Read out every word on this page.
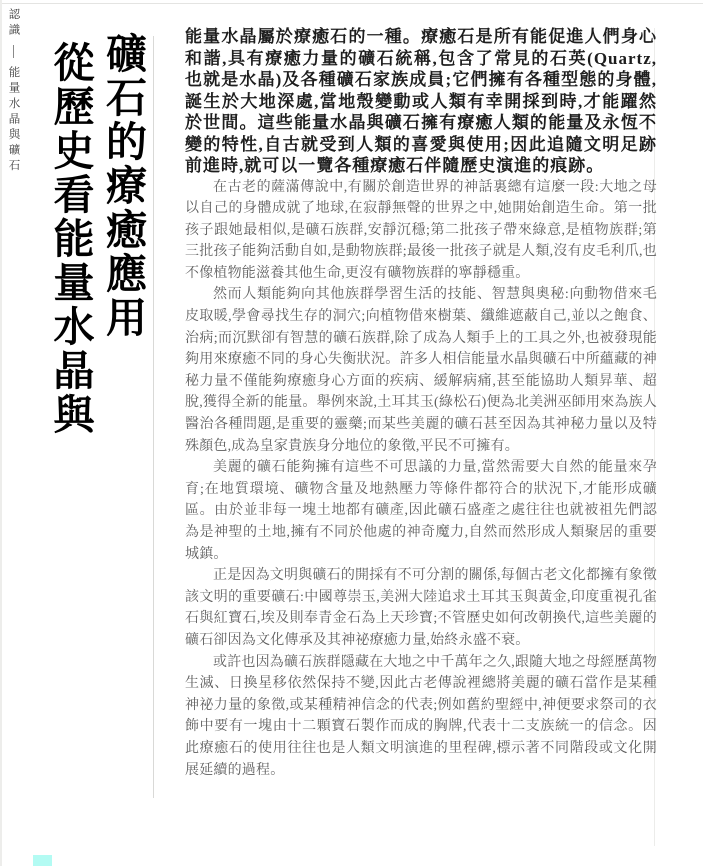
認識能量水晶與礦石 礦石的療癒應用
從歷史看能量水晶與

能量水晶屬於療癒石的一種。療癒石是所有能促進人們身心和諧,具有療癒力量的礦石統稱,包含了常見的石英(Quartz,也就是水晶)及各種礦石家族成員;它們擁有各種型態的身體,誕生於大地深處,當地殼變動或人類有幸開採到時,才能躍然於世間。這些能量水晶與礦石擁有療癒人類的能量及永恆不變的特性,自古就受到人類的喜愛與使用;因此追隨文明足跡前進時,就可以一覽各種療癒石伴隨歷史演進的痕跡。

在古老的薩滿傳說中,有關於創造世界的神話裏總有這麼一段:大地之母以自己的身體成就了地球,在寂靜無聲的世界之中,她開始創造生命。第一批孩子跟她最相似,是礦石族群,安靜沉穩;第二批孩子帶來綠意,是植物族群;第三批孩子能夠活動自如,是動物族群;最後一批孩子就是人類,沒有皮毛利爪,也不像植物能滋養其他生命,更沒有礦物族群的寧靜穩重。

然而人類能夠向其他族群學習生活的技能、智慧與奧秘:向動物借來毛皮取暖,學會尋找生存的洞穴;向植物借來樹葉、纖維遮蔽自己,並以之飽食、治病;而沉默卻有智慧的礦石族群,除了成為人類手上的工具之外,也被發現能夠用來療癒不同的身心失衡狀況。許多人相信能量水晶與礦石中所蘊藏的神秘力量不僅能夠療癒身心方面的疾病、緩解病痛,甚至能協助人類昇華、超脫,獲得全新的能量。舉例來說,土耳其玉(綠松石)便為北美洲巫師用來為族人醫治各種問題,是重要的靈藥;而某些美麗的礦石甚至因為其神秘力量以及特殊顏色,成為皇家貴族身分地位的象徵,平民不可擁有。

美麗的礦石能夠擁有這些不可思議的力量,當然需要大自然的能量來孕育;在地質環境、礦物含量及地熱壓力等條件都符合的狀況下,才能形成礦區。由於並非每一塊土地都有礦產,因此礦石盛產之處往往也就被祖先們認為是神聖的土地,擁有不同於他處的神奇魔力,自然而然形成人類聚居的重要城鎮。

正是因為文明與礦石的開採有不可分割的關係,每個古老文化都擁有象徵該文明的重要礦石:中國尊崇玉,美洲大陸追求土耳其玉與黃金,印度重視孔雀石與紅寶石,埃及則奉青金石為上天珍寶;不管歷史如何改朝換代,這些美麗的礦石卻因為文化傳承及其神祕療癒力量,始終永盛不衰。

或許也因為礦石族群隱藏在大地之中千萬年之久,跟隨大地之母經歷萬物生滅、日換星移依然保持不變,因此古老傳說裡總將美麗的礦石當作是某種神祕力量的象徵,或某種精神信念的代表;例如舊約聖經中,神便要求祭司的衣飾中要有一塊由十二顆寶石製作而成的胸牌,代表十二支族統一的信念。因此療癒石的使用往往也是人類文明演進的里程碑,標示著不同階段或文化開展延續的過程。
